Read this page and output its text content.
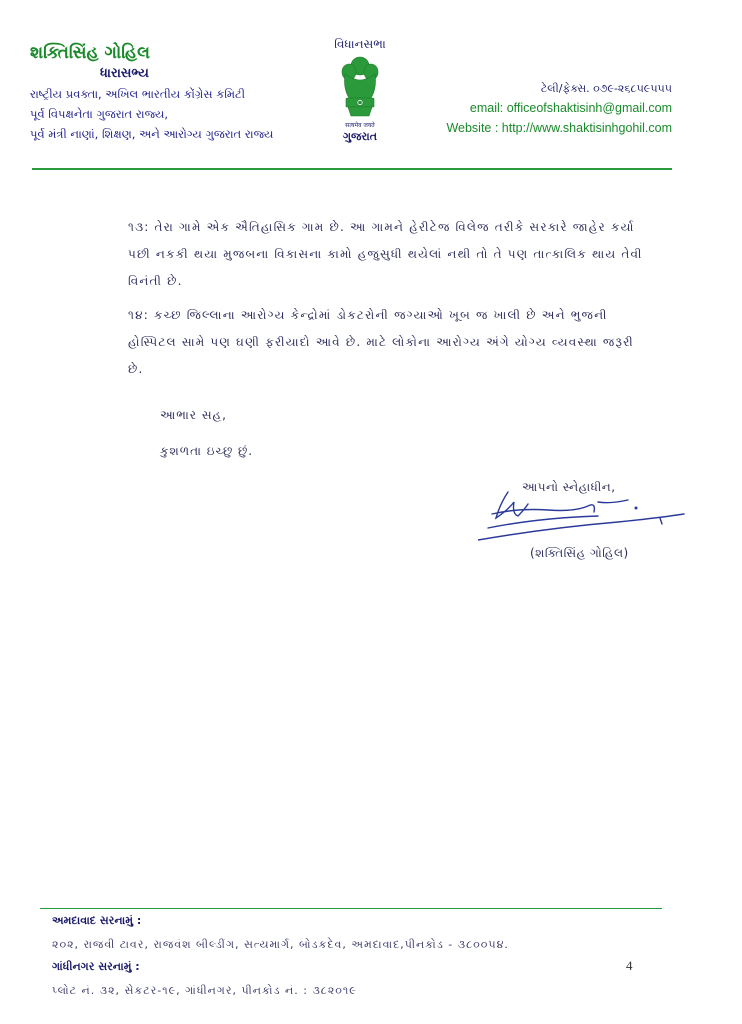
શક્તિસિંહ ગોહિલ
ધારાસભ્ય
રાષ્ટ્રીય પ્રવક્તા, અખિલ ભારતીય કોંગ્રેસ કમિટી
પૂર્વ વિપક્ષનેતા ગુજરાત રાજ્ય,
પૂર્વ મંત્રી નાણાં, શિક્ષણ, અને આરોગ્ય ગુજરાત રાજ્ય
વિધાનસભા
सत्यमेव जयते
ગુજરાત
ટેલી/ફેક્સ. ૦૭૯-૨૬૮૫૯૫૫૫
email: officeofshaktisinh@gmail.com
Website : http://www.shaktisinhgohil.com
૧૩: તેરા ગામે એક ઐતિહાસિક ગામ છે. આ ગામને હેરીટેજ વિલેજ તરીકે સરકારે જાહેર કર્યા પછી નકકી થયા મુજબના વિકાસના કામો હજુસુધી થયેલાં નથી તો તે પણ તાત્કાલિક થાય તેવી વિનંતી છે.
૧૪: કચ્છ જિલ્લાના આરોગ્ય કેન્દ્રોમાં ડોકટરોની જગ્યાઓ ખૂબ જ ખાલી છે અને ભુજની હોસ્પિટલ સામે પણ ઘણી ફરીયાદો આવે છે. માટે લોકોના આરોગ્ય અંગે યોગ્ય વ્યવસ્થા જરૂરી છે.
આભાર સહ,
કુશળતા ઇચ્છુ છું.
આપનો સ્નેહાધીન,
(શક્તિસિંહ ગોહિલ)
અમદાવાદ સરનામું :
૨૦૨, રાજવી ટાવર, રાજવંશ બીલ્ડીંગ, સત્યમાર્ગ, બોડકદેવ, અમદાવાદ,પીનકોડ - ૩૮૦૦૫૪.
ગાંધીનગર સરનામું :
પ્લોટ નં. ૩૨, સેકટર-૧૯, ગાંધીનગર, પીનકોડ નં. : ૩૮૨૦૧૯
4
